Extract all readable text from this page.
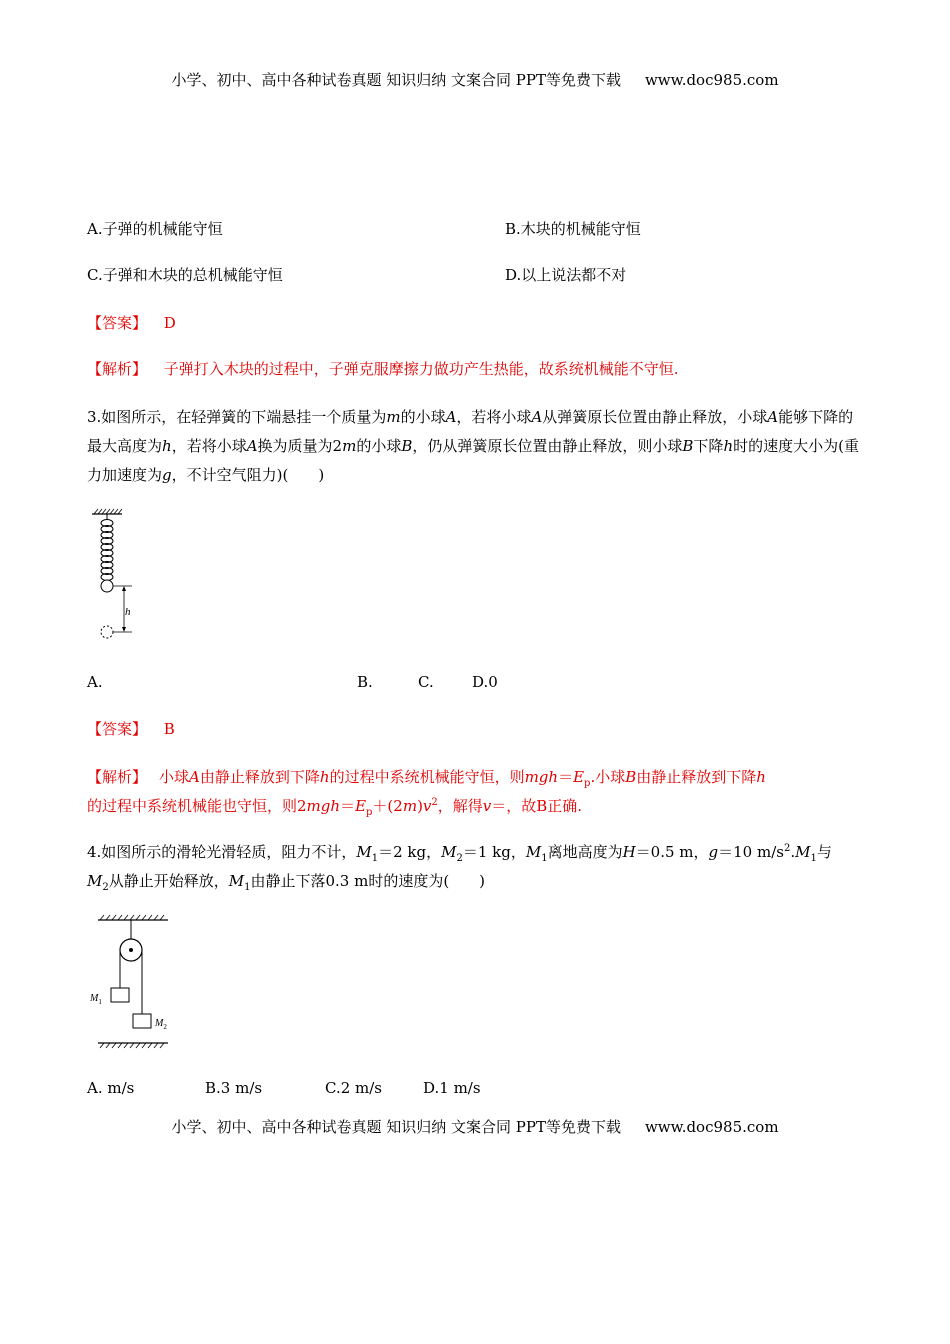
小学、初中、高中各种试卷真题 知识归纳 文案合同 PPT等免费下载 www.doc985.com
A.子弹的机械能守恒	B.木块的机械能守恒
C.子弹和木块的总机械能守恒	D.以上说法都不对
【答案】 D
【解析】 子弹打入木块的过程中，子弹克服摩擦力做功产生热能，故系统机械能不守恒.
3.如图所示，在轻弹簧的下端悬挂一个质量为m的小球A，若将小球A从弹簧原长位置由静止释放，小球A能够下降的最大高度为h，若将小球A换为质量为2m的小球B，仍从弹簧原长位置由静止释放，则小球B下降h时的速度大小为(重力加速度为g，不计空气阻力)(　　)
h
A.	B.	C.	D.0
【答案】 B
【解析】 小球A由静止释放到下降h的过程中系统机械能守恒，则$mgh=E_p$.小球B由静止释放到下降h
的过程中系统机械能也守恒，则$2mgh=E_p+(2m)v^2$，解得v＝，故B正确.
4.如图所示的滑轮光滑轻质，阻力不计，$M_1=2$ kg，$M_2=1$ kg，$M_1$离地高度为H＝0.5 m，g＝10 $m/s^2.M_1$与
$M_2$从静止开始释放，$M_1$由静止下落0.3 m时的速度为(　　)
$M_1$
$M_2$
A. m/s	B.3 m/s	C.2 m/s	D.1 m/s
小学、初中、高中各种试卷真题 知识归纳 文案合同 PPT等免费下载 www.doc985.com
